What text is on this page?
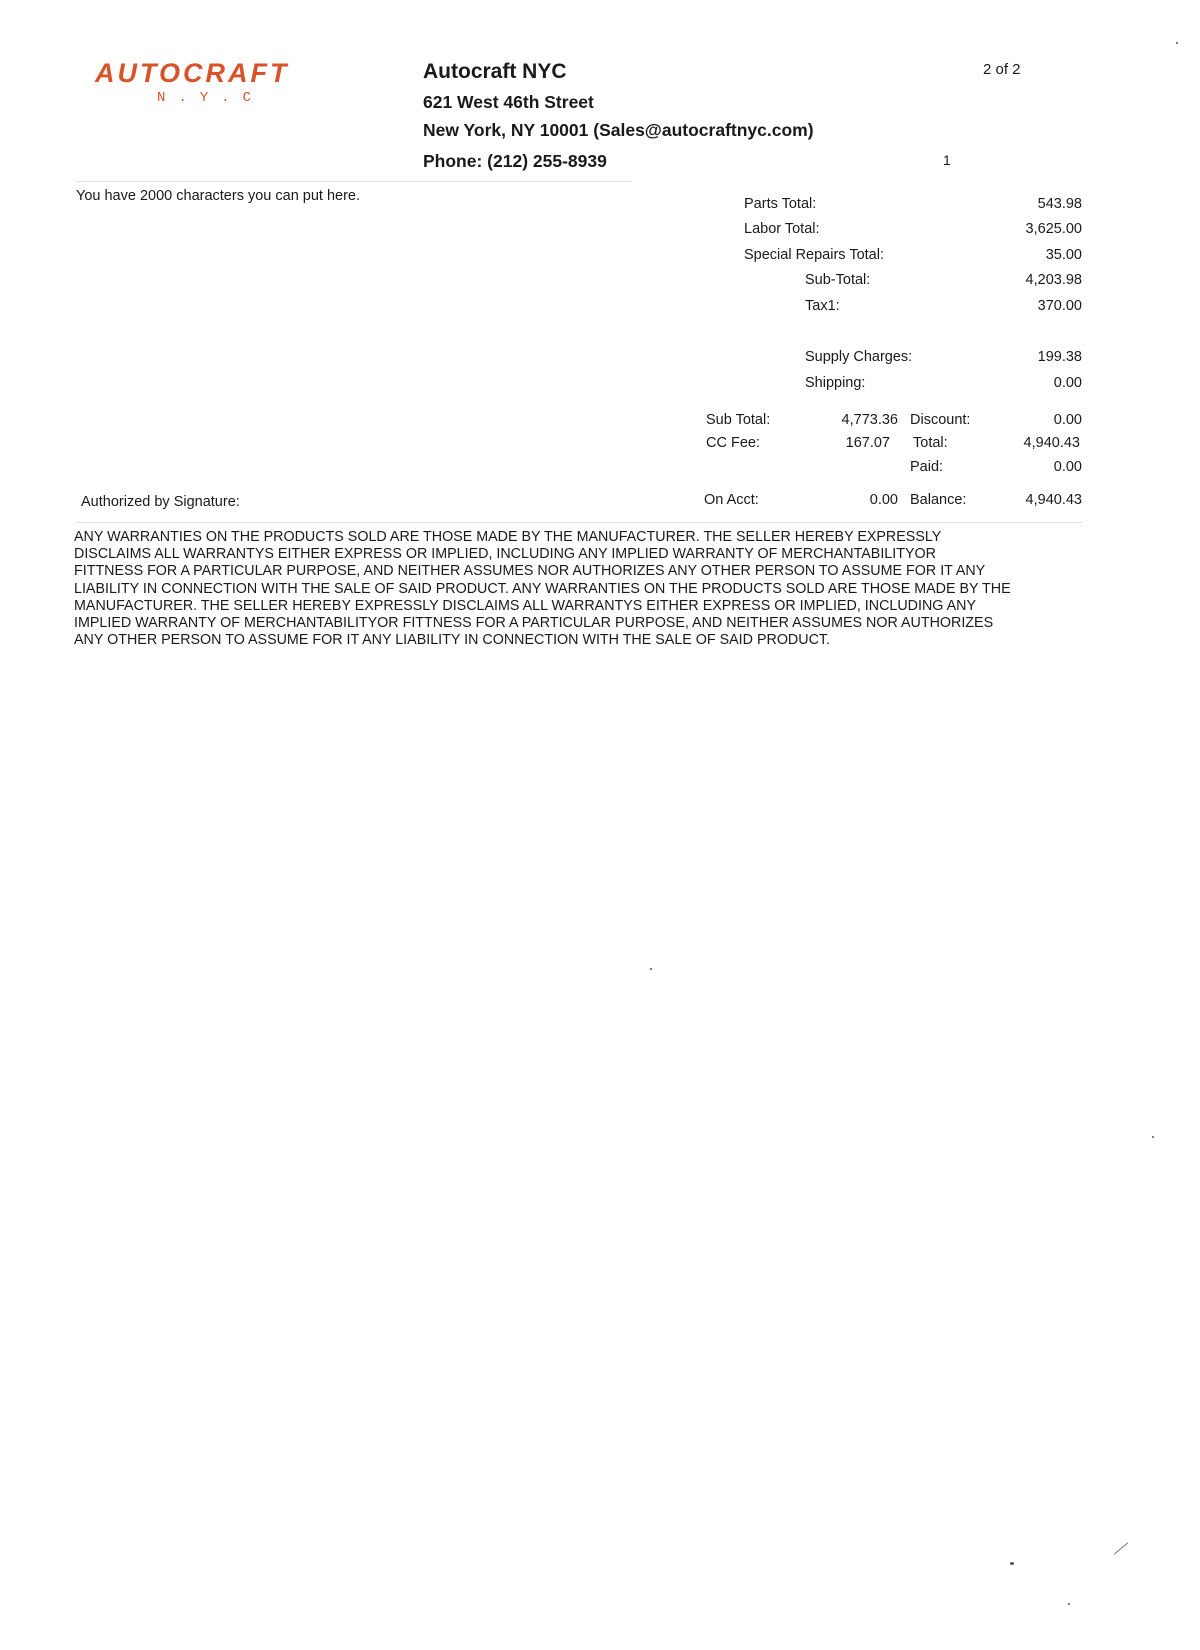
AUTOCRAFT
N.Y.C
Autocraft NYC
621 West 46th Street
New York, NY 10001 (Sales@autocraftnyc.com)
Phone: (212) 255-8939
2 of 2
1
You have 2000 characters you can put here.	Parts Total:	543.98
Labor Total:	3,625.00
Special Repairs Total:	35.00
Sub-Total:	4,203.98
Tax1:	370.00
Supply Charges:	199.38
Shipping:	0.00
Sub Total:	4,773.36 Discount:	0.00
CC Fee:	167.07 Total:	4,940.43
Paid:	0.00
On Acct:	0.00 Balance:	4,940.43
Authorized by Signature:
ANY WARRANTIES ON THE PRODUCTS SOLD ARE THOSE MADE BY THE MANUFACTURER. THE SELLER HEREBY EXPRESSLY
DISCLAIMS ALL WARRANTYS EITHER EXPRESS OR IMPLIED, INCLUDING ANY IMPLIED WARRANTY OF MERCHANTABILITYOR
FITTNESS FOR A PARTICULAR PURPOSE, AND NEITHER ASSUMES NOR AUTHORIZES ANY OTHER PERSON TO ASSUME FOR IT ANY
LIABILITY IN CONNECTION WITH THE SALE OF SAID PRODUCT. ANY WARRANTIES ON THE PRODUCTS SOLD ARE THOSE MADE BY THE
MANUFACTURER. THE SELLER HEREBY EXPRESSLY DISCLAIMS ALL WARRANTYS EITHER EXPRESS OR IMPLIED, INCLUDING ANY
IMPLIED WARRANTY OF MERCHANTABILITYOR FITTNESS FOR A PARTICULAR PURPOSE, AND NEITHER ASSUMES NOR AUTHORIZES
ANY OTHER PERSON TO ASSUME FOR IT ANY LIABILITY IN CONNECTION WITH THE SALE OF SAID PRODUCT.
